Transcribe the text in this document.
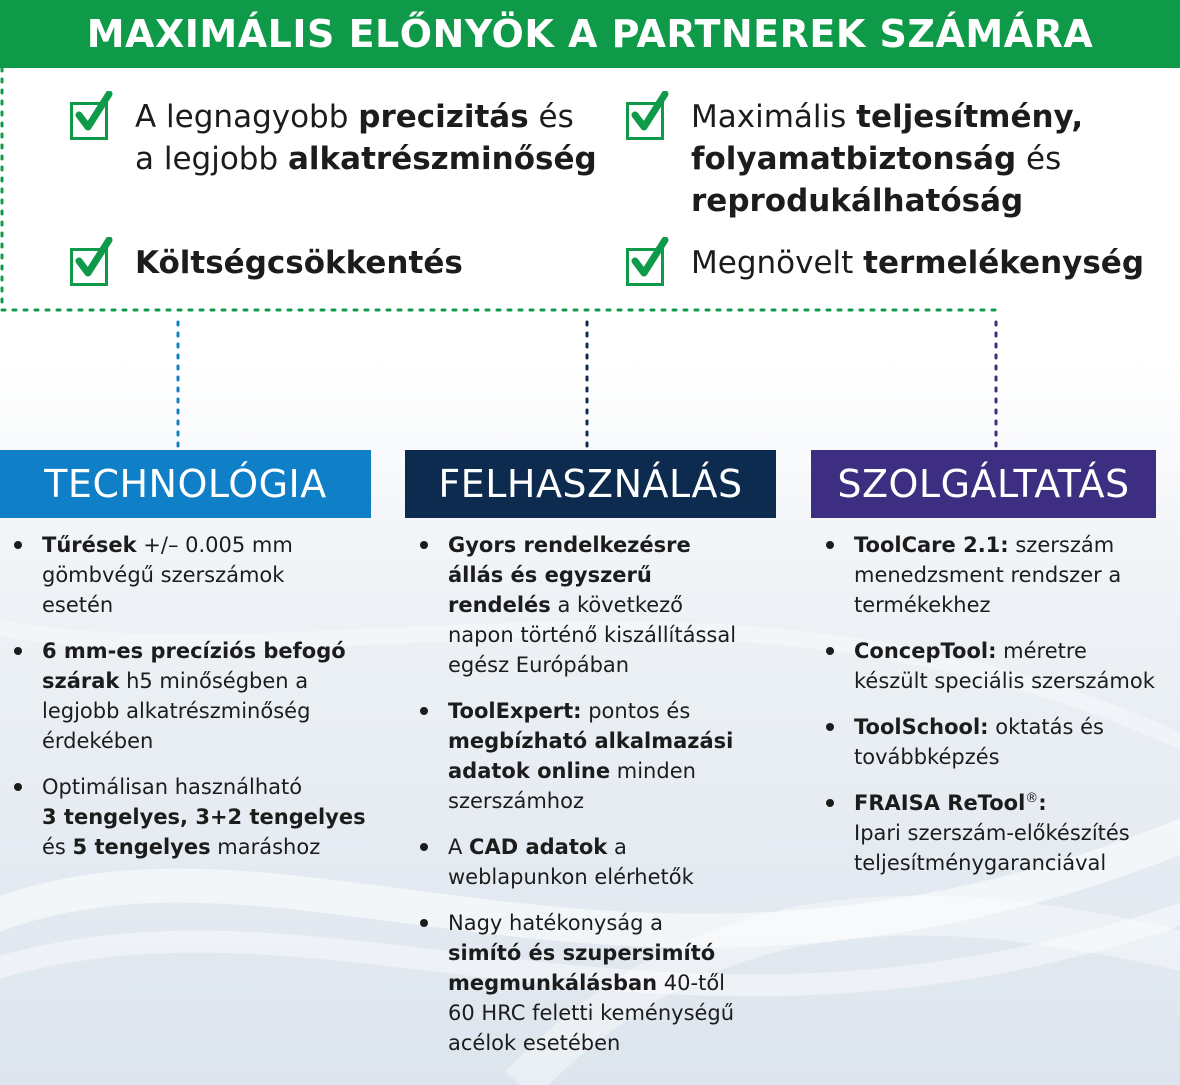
MAXIMÁLIS ELŐNYÖK A PARTNEREK SZÁMÁRA
A legnagyobb precizitás és
a legjobb alkatrészminőség
Maximális teljesítmény,
folyamatbiztonság és
reprodukálhatóság
Költségcsökkentés	Megnövelt termelékenység
TECHNOLÓGIA	FELHASZNÁLÁS	SZOLGÁLTATÁS
Tűrések +/– 0.005 mm
gömbvégű szerszámok
esetén
6 mm-es precíziós befogó
szárak h5 minőségben a
legjobb alkatrészminőség
érdekében
Optimálisan használható
3 tengelyes, 3+2 tengelyes
és 5 tengelyes maráshoz
Gyors rendelkezésre
állás és egyszerű
rendelés a következő
napon történő kiszállítással
egész Európában
ToolExpert: pontos és
megbízható alkalmazási
adatok online minden
szerszámhoz
A CAD adatok a
weblapunkon elérhetők
Nagy hatékonyság a
simító és szupersimító
megmunkálásban 40-től
60 HRC feletti keménységű
acélok esetében
ToolCare 2.1: szerszám
menedzsment rendszer a
termékekhez
ConcepTool: méretre
készült speciális szerszámok
ToolSchool: oktatás és
továbbképzés
FRAISA ReTool®:
Ipari szerszám-előkészítés
teljesítménygaranciával
